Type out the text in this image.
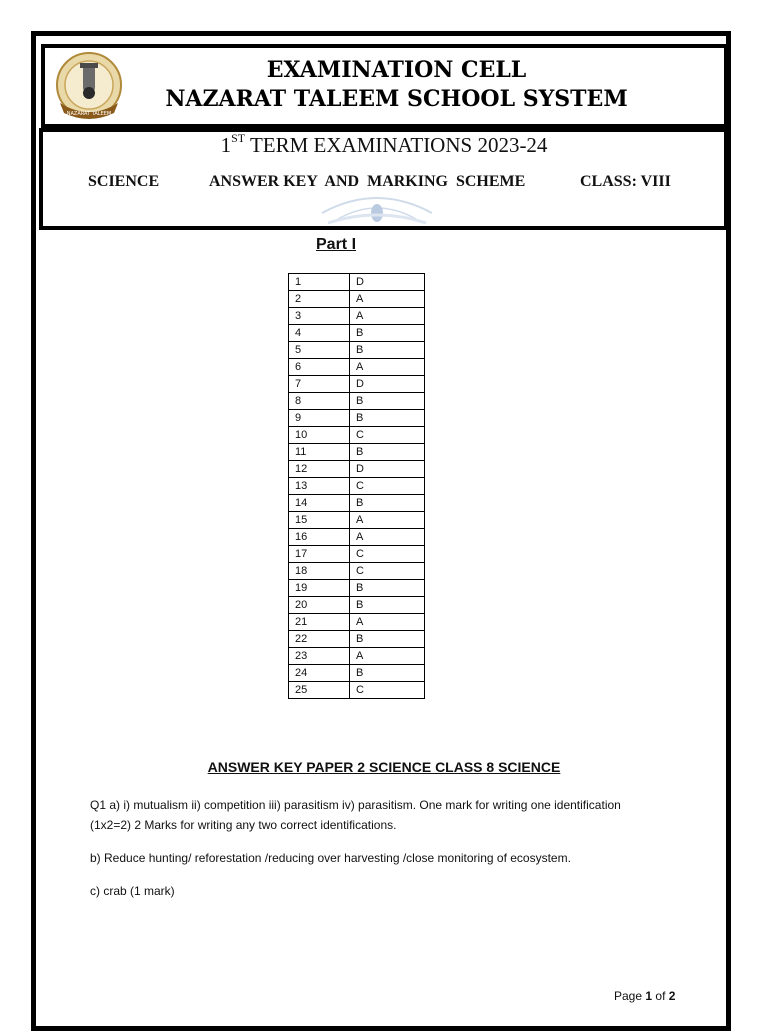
NAZARAT TALEEM
EXAMINATION CELL
NAZARAT TALEEM SCHOOL SYSTEM
1ST TERM EXAMINATIONS 2023-24
SCIENCE	ANSWER KEY  AND  MARKING  SCHEME	CLASS: VIII
Part I
1	D
2	A
3	A
4	B
5	B
6	A
7	D
8	B
9	B
10	C
11	B
12	D
13	C
14	B
15	A
16	A
17	C
18	C
19	B
20	B
21	A
22	B
23	A
24	B
25	C
ANSWER KEY PAPER 2 SCIENCE CLASS 8 SCIENCE
Q1 a) i) mutualism ii) competition iii) parasitism iv) parasitism. One mark for writing one identification (1x2=2) 2 Marks for writing any two correct identifications.
b) Reduce hunting/ reforestation /reducing over harvesting /close monitoring of ecosystem.
c) crab (1 mark)
Page 1 of 2
